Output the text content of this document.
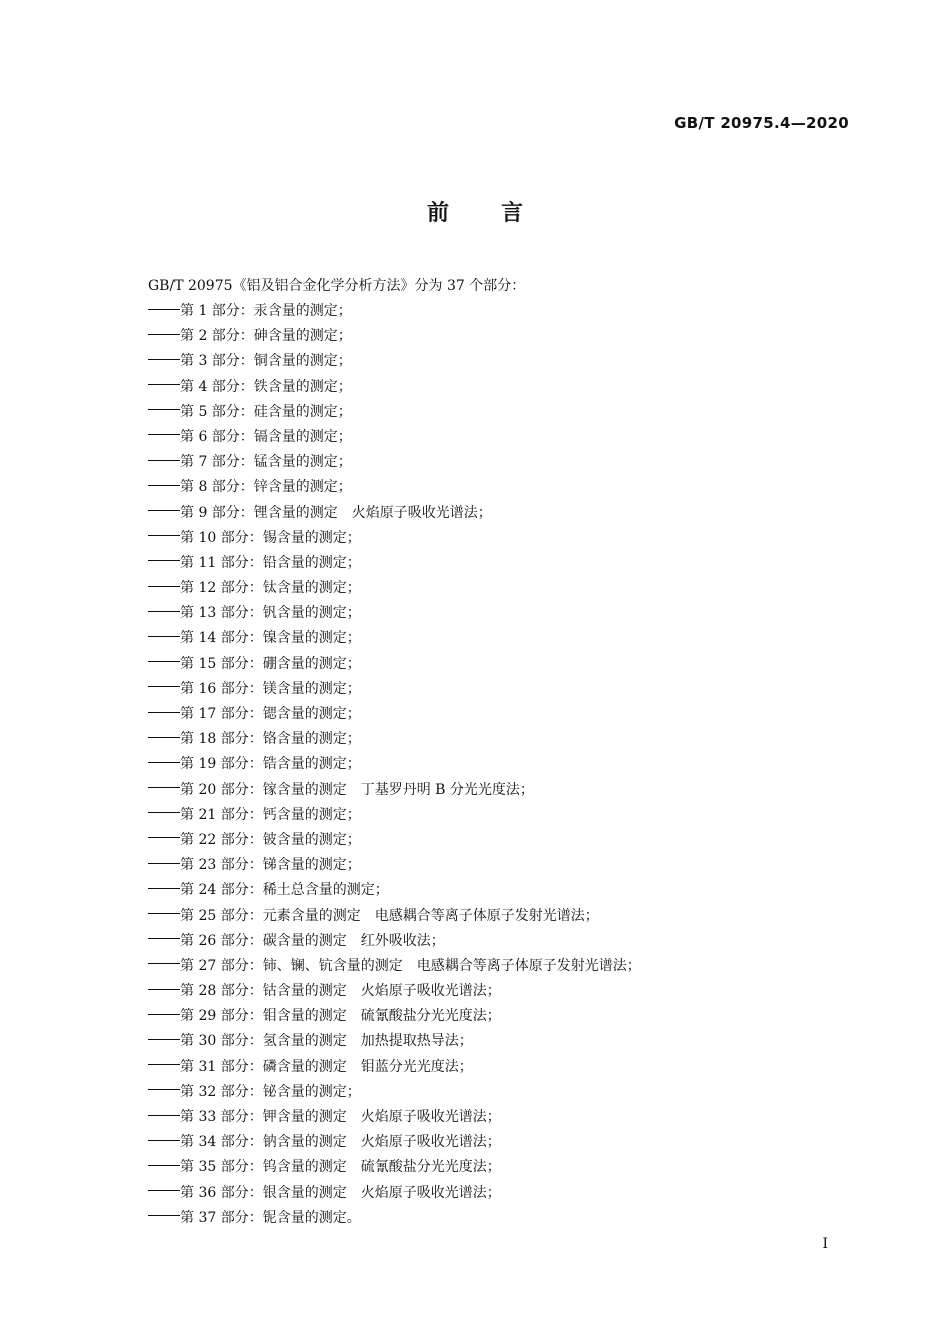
GB/T 20975.4—2020
前 言
GB/T 20975《铝及铝合金化学分析方法》分为 37 个部分：
第 1 部分：汞含量的测定；
第 2 部分：砷含量的测定；
第 3 部分：铜含量的测定；
第 4 部分：铁含量的测定；
第 5 部分：硅含量的测定；
第 6 部分：镉含量的测定；
第 7 部分：锰含量的测定；
第 8 部分：锌含量的测定；
第 9 部分：锂含量的测定　火焰原子吸收光谱法；
第 10 部分：锡含量的测定；
第 11 部分：铅含量的测定；
第 12 部分：钛含量的测定；
第 13 部分：钒含量的测定；
第 14 部分：镍含量的测定；
第 15 部分：硼含量的测定；
第 16 部分：镁含量的测定；
第 17 部分：锶含量的测定；
第 18 部分：铬含量的测定；
第 19 部分：锆含量的测定；
第 20 部分：镓含量的测定　丁基罗丹明 B 分光光度法；
第 21 部分：钙含量的测定；
第 22 部分：铍含量的测定；
第 23 部分：锑含量的测定；
第 24 部分：稀土总含量的测定；
第 25 部分：元素含量的测定　电感耦合等离子体原子发射光谱法；
第 26 部分：碳含量的测定　红外吸收法；
第 27 部分：铈、镧、钪含量的测定　电感耦合等离子体原子发射光谱法；
第 28 部分：钴含量的测定　火焰原子吸收光谱法；
第 29 部分：钼含量的测定　硫氰酸盐分光光度法；
第 30 部分：氢含量的测定　加热提取热导法；
第 31 部分：磷含量的测定　钼蓝分光光度法；
第 32 部分：铋含量的测定；
第 33 部分：钾含量的测定　火焰原子吸收光谱法；
第 34 部分：钠含量的测定　火焰原子吸收光谱法；
第 35 部分：钨含量的测定　硫氰酸盐分光光度法；
第 36 部分：银含量的测定　火焰原子吸收光谱法；
第 37 部分：铌含量的测定。
I
